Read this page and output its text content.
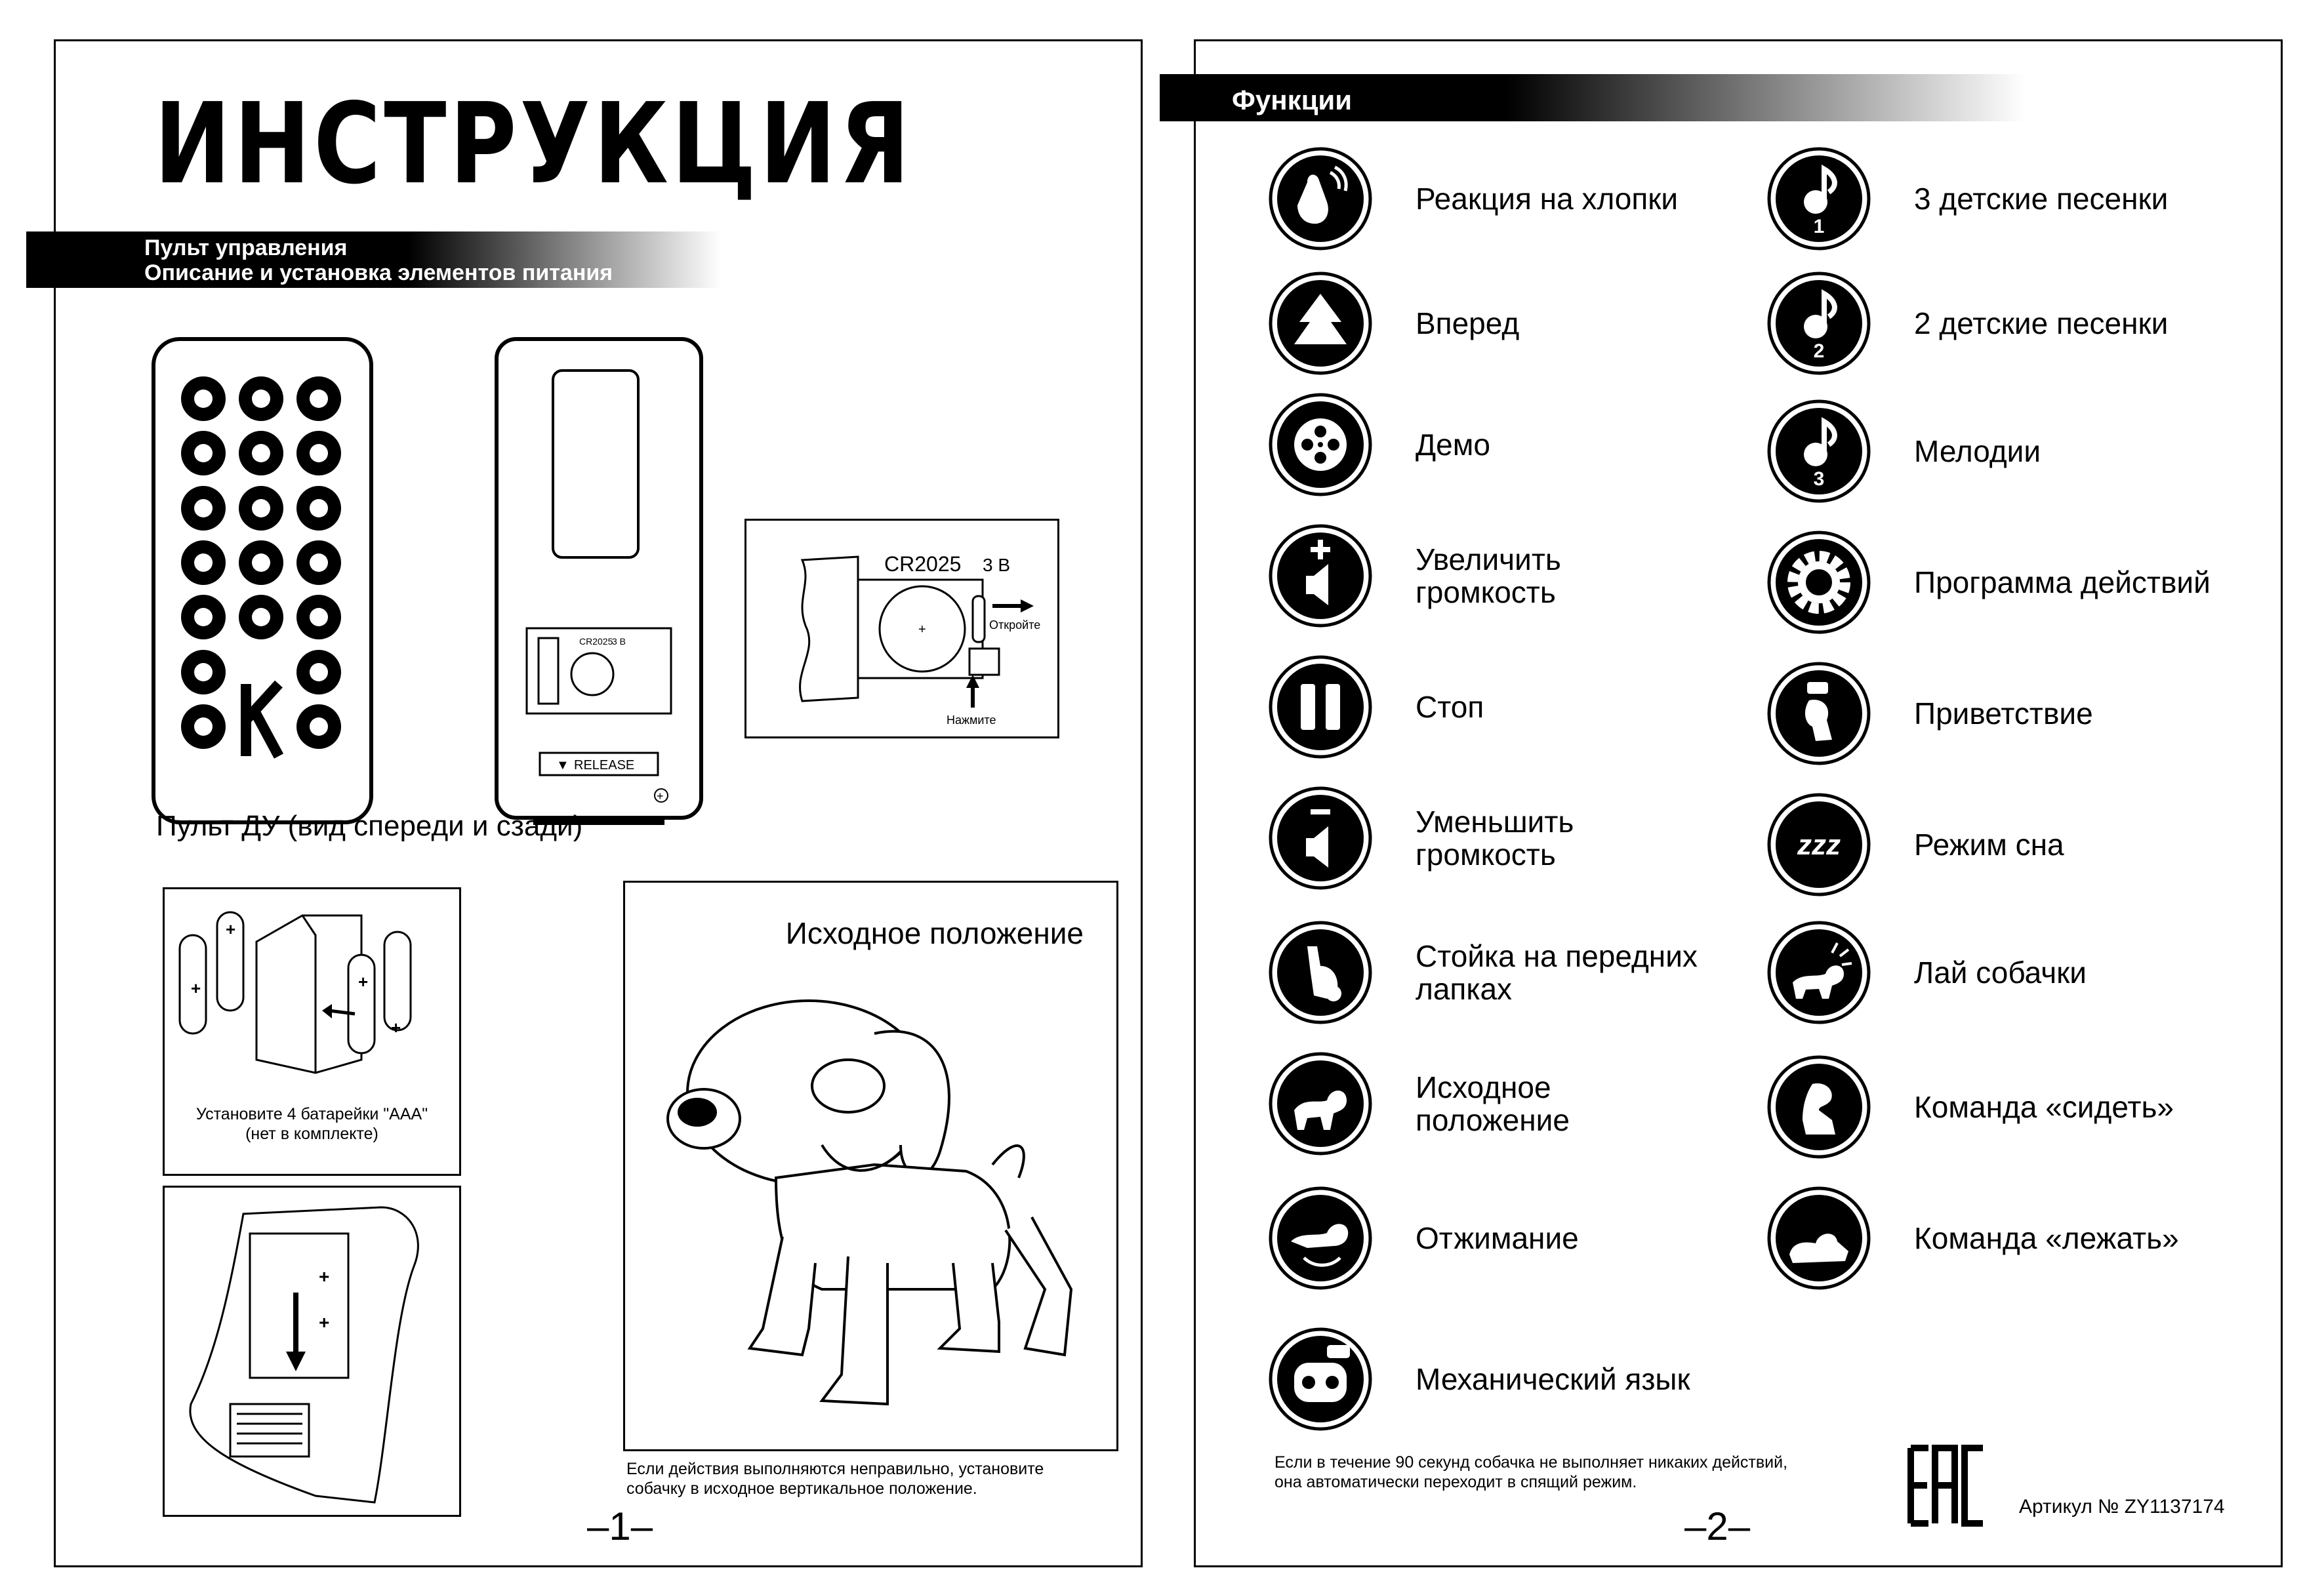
ИНСТРУКЦИЯ
Пульт управления
Описание и установка элементов питания
▼ RELEASE
CR2025
3 В
+
+
CR2025 3 В
Откройте
Нажмите
Пульт ДУ (вид спереди и сзади)
+
+	+
+
Установите 4 батарейки "AAA"
(нет в комплекте)
+
+
Исходное положение
Если действия выполняются неправильно, установите
собачку в исходное вертикальное положение.
–1–
Функции
Реакция на хлопки
Вперед
Демо
Увеличить
громкость
Стоп
Уменьшить
громкость
Стойка на передних
лапках
Исходное
положение
Отжимание
Механический язык
1
3 детские песенки
2
2 детские песенки
3
Мелодии
Программа действий
Приветствие
zzz Режим сна
Лай собачки
Команда «сидеть»
Команда «лежать»
Если в течение 90 секунд собачка не выполняет никаких действий,
она автоматически переходит в спящий режим.
–2–	Артикул № ZY1137174
